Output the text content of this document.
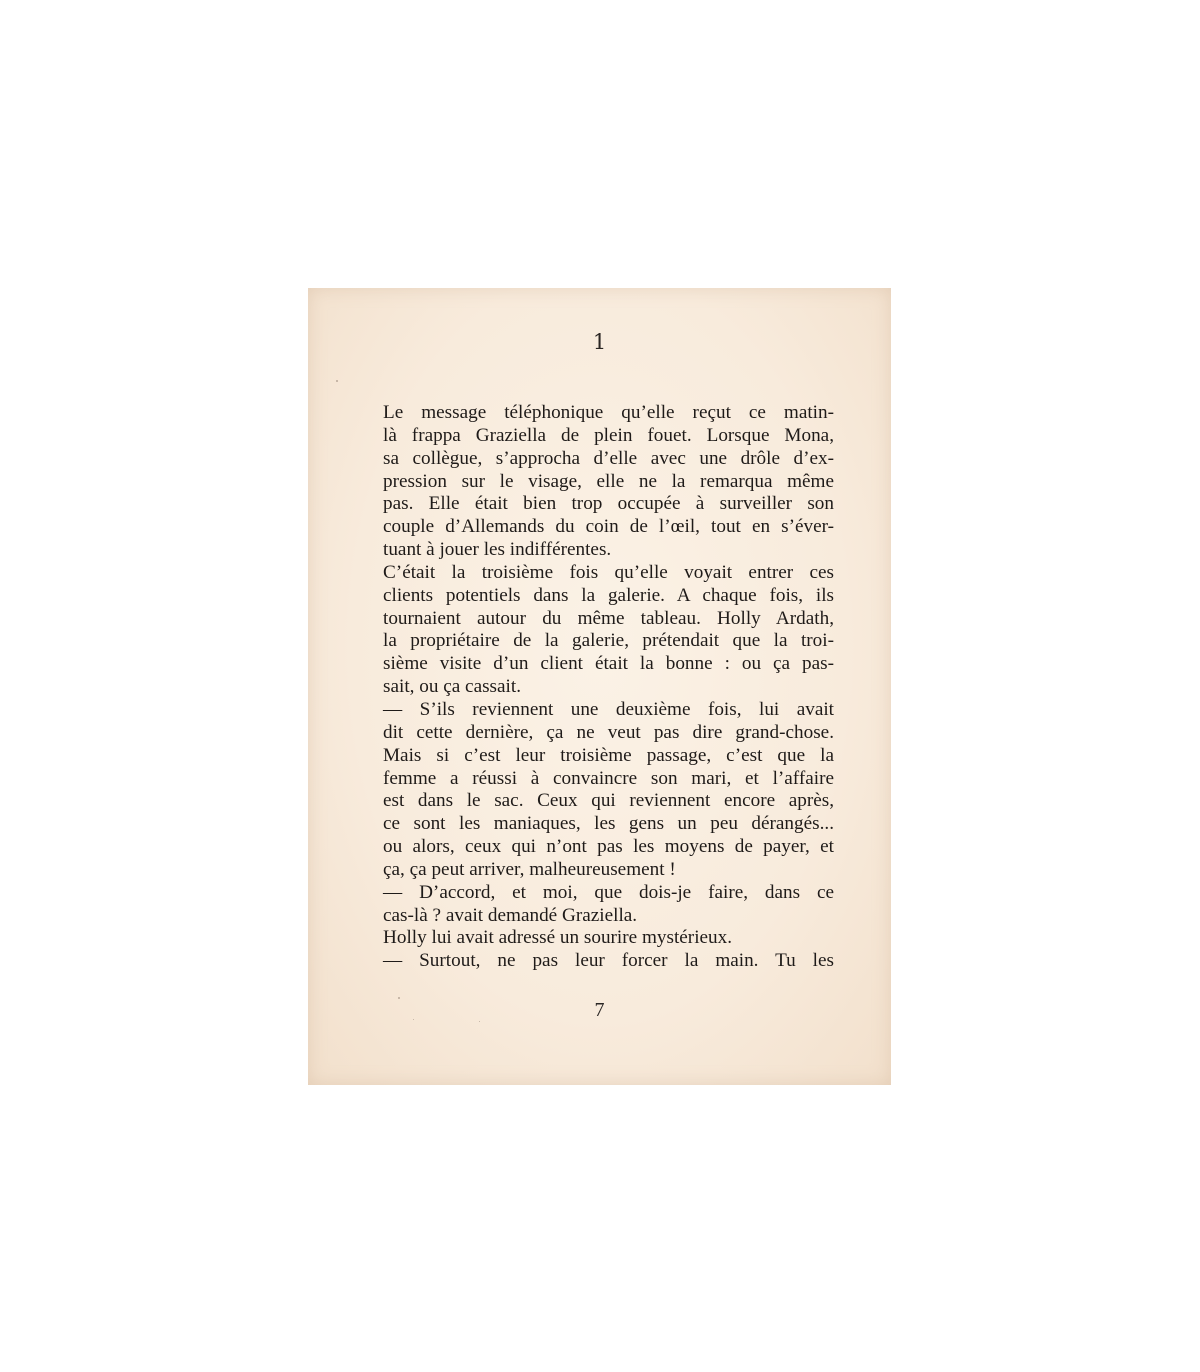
1
Le message téléphonique qu’elle reçut ce matin-
là frappa Graziella de plein fouet. Lorsque Mona,
sa collègue, s’approcha d’elle avec une drôle d’ex-
pression sur le visage, elle ne la remarqua même
pas. Elle était bien trop occupée à surveiller son
couple d’Allemands du coin de l’œil, tout en s’éver-
tuant à jouer les indifférentes.
C’était la troisième fois qu’elle voyait entrer ces
clients potentiels dans la galerie. A chaque fois, ils
tournaient autour du même tableau. Holly Ardath,
la propriétaire de la galerie, prétendait que la troi-
sième visite d’un client était la bonne : ou ça pas-
sait, ou ça cassait.
— S’ils reviennent une deuxième fois, lui avait
dit cette dernière, ça ne veut pas dire grand-chose.
Mais si c’est leur troisième passage, c’est que la
femme a réussi à convaincre son mari, et l’affaire
est dans le sac. Ceux qui reviennent encore après,
ce sont les maniaques, les gens un peu dérangés...
ou alors, ceux qui n’ont pas les moyens de payer, et
ça, ça peut arriver, malheureusement !
— D’accord, et moi, que dois-je faire, dans ce
cas-là ? avait demandé Graziella.
Holly lui avait adressé un sourire mystérieux.
— Surtout, ne pas leur forcer la main. Tu les
7
